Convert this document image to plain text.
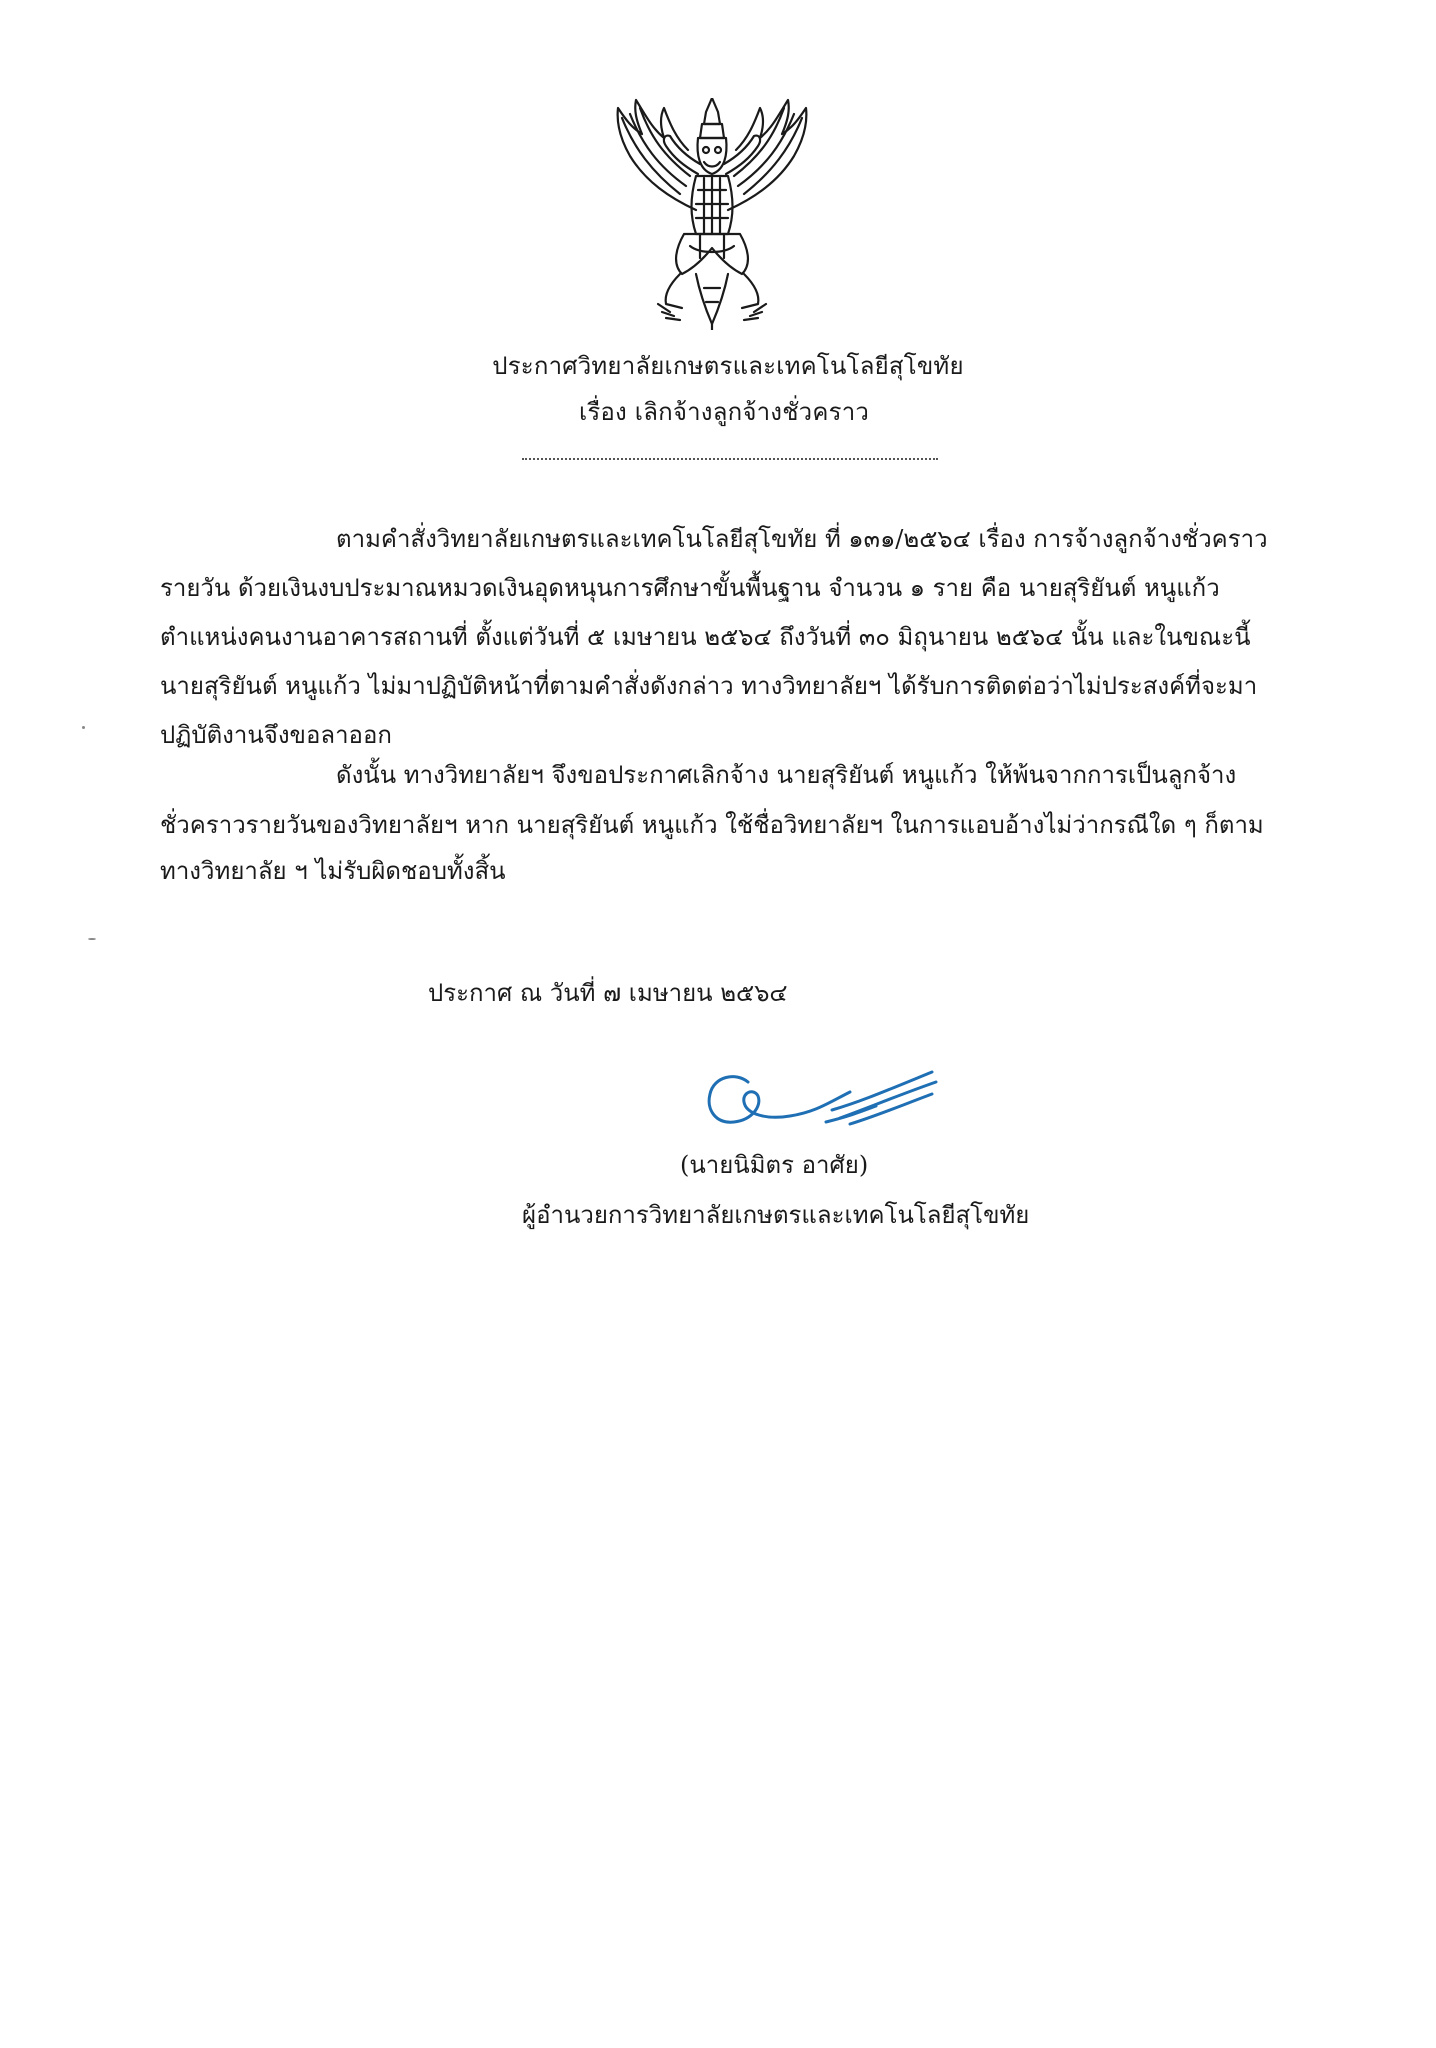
ประกาศวิทยาลัยเกษตรและเทคโนโลยีสุโขทัย
เรื่อง เลิกจ้างลูกจ้างชั่วคราว
ตามคำสั่งวิทยาลัยเกษตรและเทคโนโลยีสุโขทัย ที่ ๑๓๑/๒๕๖๔ เรื่อง การจ้างลูกจ้างชั่วคราว
รายวัน ด้วยเงินงบประมาณหมวดเงินอุดหนุนการศึกษาขั้นพื้นฐาน จำนวน ๑ ราย คือ นายสุริยันต์ หนูแก้ว
ตำแหน่งคนงานอาคารสถานที่ ตั้งแต่วันที่ ๕ เมษายน ๒๕๖๔ ถึงวันที่ ๓๐ มิถุนายน ๒๕๖๔ นั้น และในขณะนี้
นายสุริยันต์ หนูแก้ว ไม่มาปฏิบัติหน้าที่ตามคำสั่งดังกล่าว ทางวิทยาลัยฯ ได้รับการติดต่อว่าไม่ประสงค์ที่จะมา
ปฏิบัติงานจึงขอลาออก
ดังนั้น ทางวิทยาลัยฯ จึงขอประกาศเลิกจ้าง นายสุริยันต์ หนูแก้ว ให้พ้นจากการเป็นลูกจ้าง
ชั่วคราวรายวันของวิทยาลัยฯ หาก นายสุริยันต์ หนูแก้ว ใช้ชื่อวิทยาลัยฯ ในการแอบอ้างไม่ว่ากรณีใด ๆ ก็ตาม
ทางวิทยาลัย ฯ ไม่รับผิดชอบทั้งสิ้น
ประกาศ ณ วันที่ ๗ เมษายน ๒๕๖๔
(นายนิมิตร อาศัย)
ผู้อำนวยการวิทยาลัยเกษตรและเทคโนโลยีสุโขทัย
